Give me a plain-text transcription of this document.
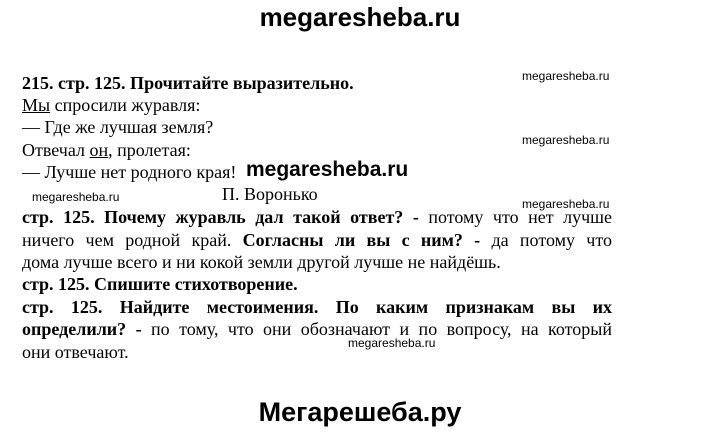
megaresheba.ru
215. стр. 125. Прочитайте выразительно.
Мы спросили журавля:
— Где же лучшая земля?
Отвечал он, пролетая:
— Лучше нет родного края!
П. Воронько
стр. 125. Почему журавль дал такой ответ? - потому что нет лучше
ничего чем родной край. Согласны ли вы с ним? - да потому что
дома лучше всего и ни кокой земли другой лучше не найдёшь.
стр. 125. Спишите стихотворение.
стр. 125. Найдите местоимения. По каким признакам вы их
определили? - по тому, что они обозначают и по вопросу, на который
они отвечают.
megaresheba.ru
megaresheba.ru
megaresheba.ru
megaresheba.ru	megaresheba.ru
megaresheba.ru
Мегарешеба.ру
